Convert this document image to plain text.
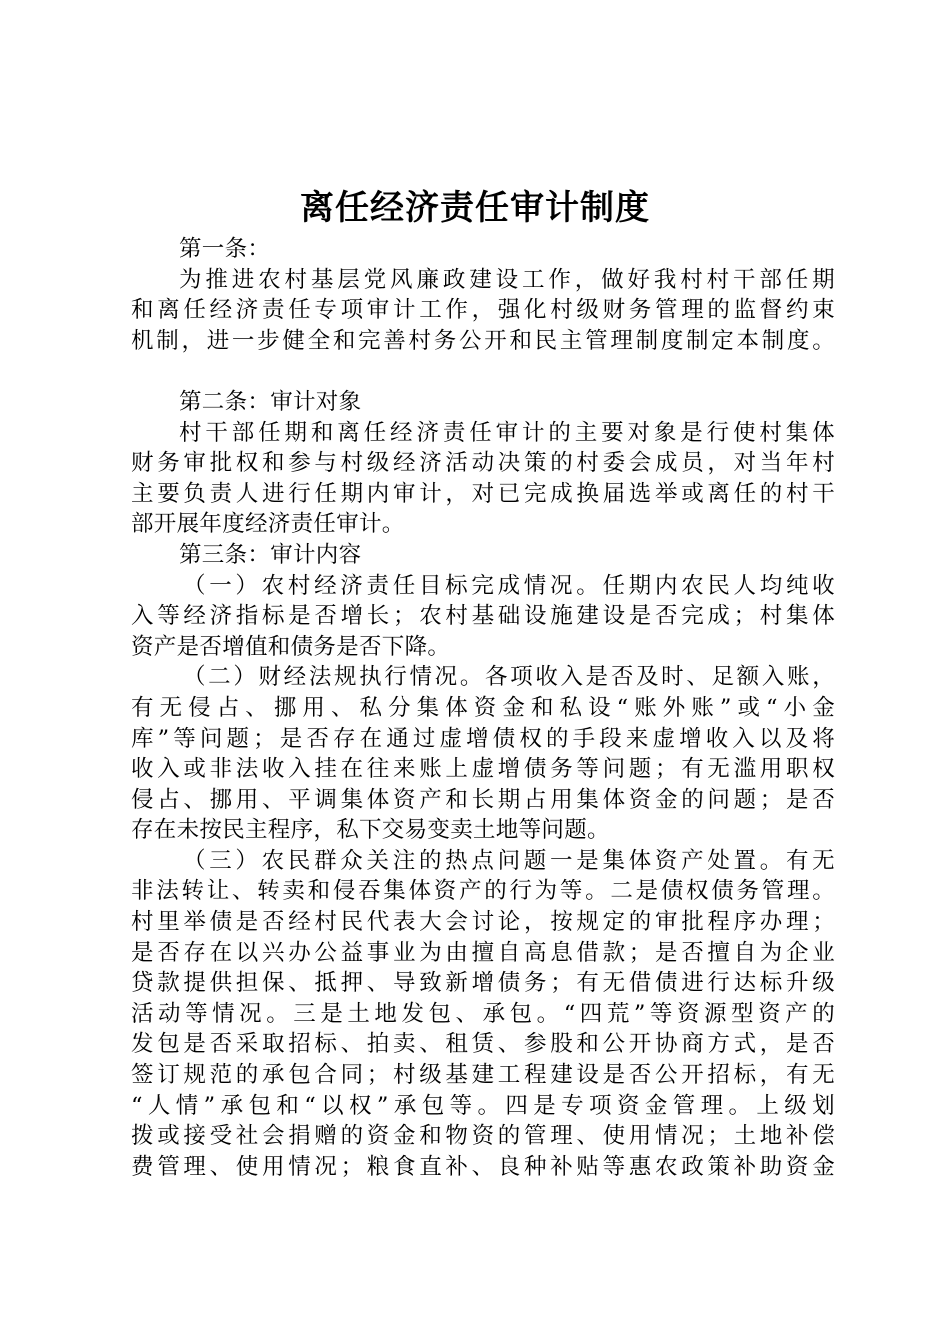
离任经济责任审计制度
第一条：
为推进农村基层党风廉政建设工作，做好我村村干部任期
和离任经济责任专项审计工作，强化村级财务管理的监督约束
机制，进一步健全和完善村务公开和民主管理制度制定本制度。
第二条：审计对象
村干部任期和离任经济责任审计的主要对象是行使村集体
财务审批权和参与村级经济活动决策的村委会成员，对当年村
主要负责人进行任期内审计，对已完成换届选举或离任的村干
部开展年度经济责任审计。
第三条：审计内容
（一）农村经济责任目标完成情况。任期内农民人均纯收
入等经济指标是否增长；农村基础设施建设是否完成；村集体
资产是否增值和债务是否下降。
（二）财经法规执行情况。各项收入是否及时、足额入账，
有无侵占、挪用、私分集体资金和私设“账外账”或“小金
库”等问题；是否存在通过虚增债权的手段来虚增收入以及将
收入或非法收入挂在往来账上虚增债务等问题；有无滥用职权
侵占、挪用、平调集体资产和长期占用集体资金的问题；是否
存在未按民主程序，私下交易变卖土地等问题。
（三）农民群众关注的热点问题一是集体资产处置。有无
非法转让、转卖和侵吞集体资产的行为等。二是债权债务管理。
村里举债是否经村民代表大会讨论，按规定的审批程序办理；
是否存在以兴办公益事业为由擅自高息借款；是否擅自为企业
贷款提供担保、抵押、导致新增债务；有无借债进行达标升级
活动等情况。三是土地发包、承包。“四荒”等资源型资产的
发包是否采取招标、拍卖、租赁、参股和公开协商方式，是否
签订规范的承包合同；村级基建工程建设是否公开招标，有无
“人情”承包和“以权”承包等。四是专项资金管理。上级划
拨或接受社会捐赠的资金和物资的管理、使用情况；土地补偿
费管理、使用情况；粮食直补、良种补贴等惠农政策补助资金
